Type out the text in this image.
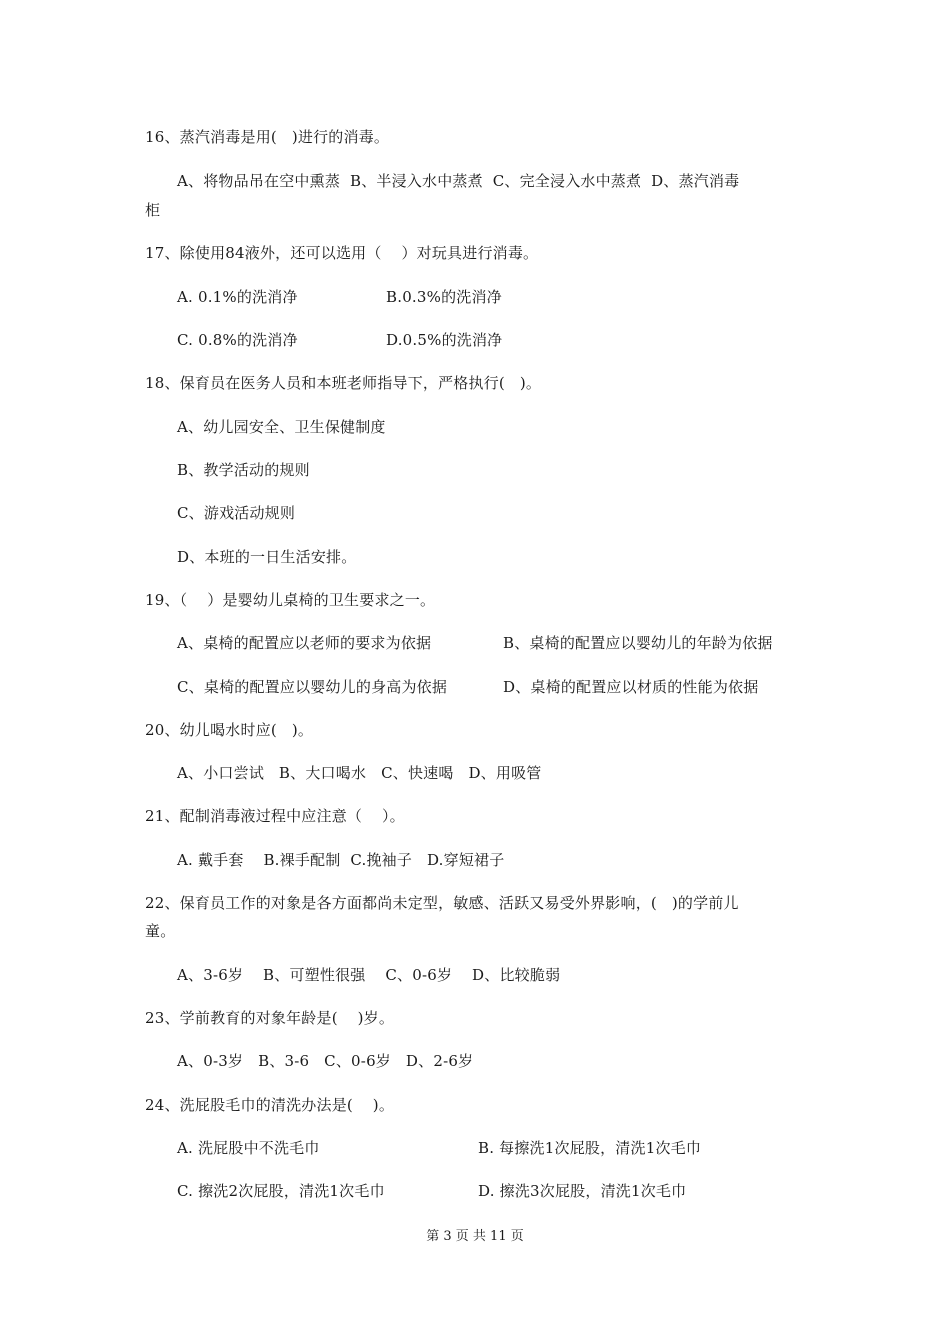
16、蒸汽消毒是用(   )进行的消毒。
A、将物品吊在空中熏蒸  B、半浸入水中蒸煮  C、完全浸入水中蒸煮  D、蒸汽消毒
柜
17、除使用84液外，还可以选用（    ）对玩具进行消毒。
A. 0.1%的洗消净	B.0.3%的洗消净
C. 0.8%的洗消净	D.0.5%的洗消净
18、保育员在医务人员和本班老师指导下，严格执行(   )。
A、幼儿园安全、卫生保健制度
B、教学活动的规则
C、游戏活动规则
D、本班的一日生活安排。
19、（    ）是婴幼儿桌椅的卫生要求之一。
A、桌椅的配置应以老师的要求为依据	B、桌椅的配置应以婴幼儿的年龄为依据
C、桌椅的配置应以婴幼儿的身高为依据	D、桌椅的配置应以材质的性能为依据
20、幼儿喝水时应(   )。
A、小口尝试   B、大口喝水   C、快速喝   D、用吸管
21、配制消毒液过程中应注意（    ）。
A. 戴手套    B.裸手配制  C.挽袖子   D.穿短裙子
22、保育员工作的对象是各方面都尚未定型，敏感、活跃又易受外界影响，(   )的学前儿
童。
A、3-6岁    B、可塑性很强    C、0-6岁    D、比较脆弱
23、学前教育的对象年龄是(    )岁。
A、0-3岁   B、3-6   C、0-6岁   D、2-6岁
24、洗屁股毛巾的清洗办法是(    )。
A. 洗屁股中不洗毛巾	B. 每擦洗1次屁股，清洗1次毛巾
C. 擦洗2次屁股，清洗1次毛巾	D. 擦洗3次屁股，清洗1次毛巾
第 3 页 共 11 页
